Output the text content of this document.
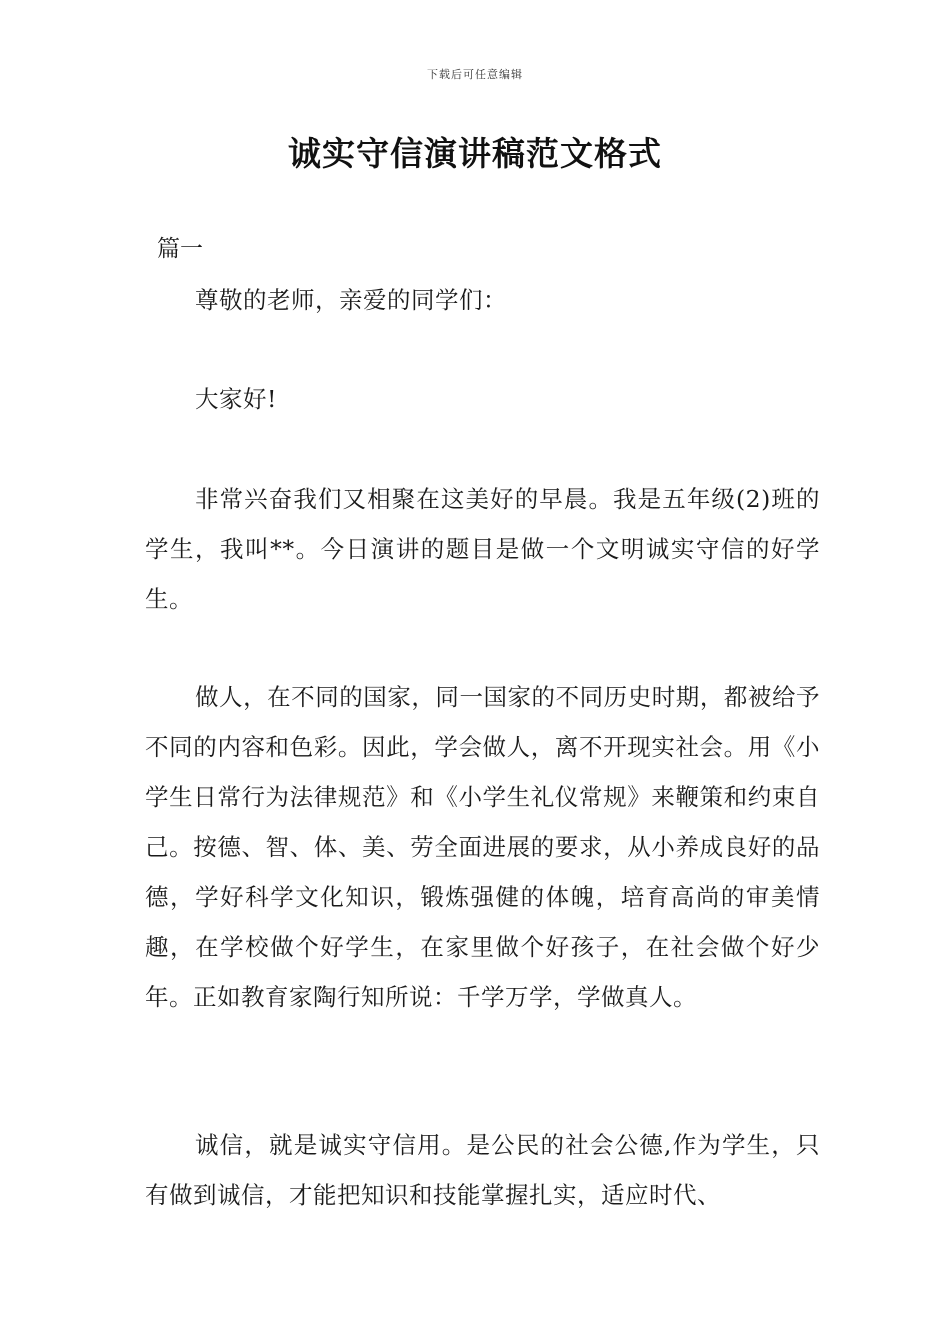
下载后可任意编辑
诚实守信演讲稿范文格式
篇一

尊敬的老师，亲爱的同学们：

大家好!

非常兴奋我们又相聚在这美好的早晨。我是五年级(2)班的学生，我叫**。今日演讲的题目是做一个文明诚实守信的好学生。

做人，在不同的国家，同一国家的不同历史时期，都被给予不同的内容和色彩。因此，学会做人，离不开现实社会。用《小学生日常行为法律规范》和《小学生礼仪常规》来鞭策和约束自己。按德、智、体、美、劳全面进展的要求，从小养成良好的品德，学好科学文化知识，锻炼强健的体魄，培育高尚的审美情趣，在学校做个好学生，在家里做个好孩子，在社会做个好少年。正如教育家陶行知所说：千学万学，学做真人。

诚信，就是诚实守信用。是公民的社会公德,作为学生，只有做到诚信，才能把知识和技能掌握扎实，适应时代、
